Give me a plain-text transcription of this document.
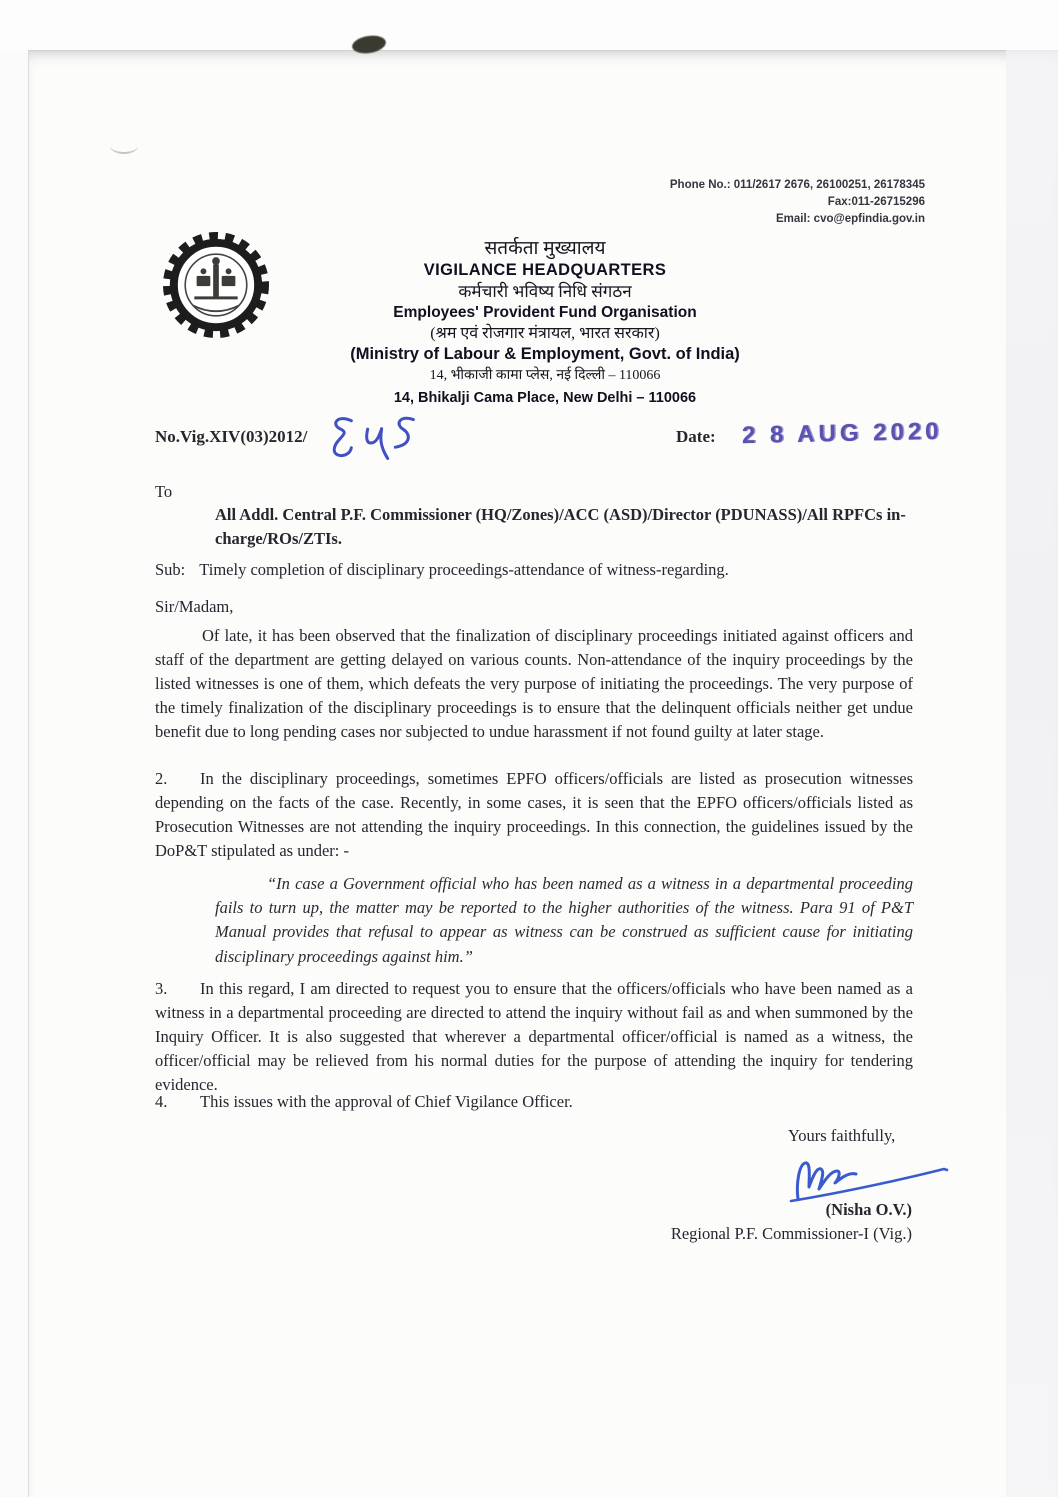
Phone No.: 011/2617 2676, 26100251, 26178345
Fax:011-26715296
Email: cvo@epfindia.gov.in
सतर्कता मुख्यालय
VIGILANCE HEADQUARTERS
कर्मचारी भविष्य निधि संगठन
Employees' Provident Fund Organisation
(श्रम एवं रोजगार मंत्रायल, भारत सरकार)
(Ministry of Labour & Employment, Govt. of India)
14, भीकाजी कामा प्लेस, नई दिल्ली – 110066
14, Bhikalji Cama Place, New Delhi – 110066
No.Vig.XIV(03)2012/	Date: 2 8 AUG 2020
To
All Addl. Central P.F. Commissioner (HQ/Zones)/ACC (ASD)/Director (PDUNASS)/All RPFCs in-charge/ROs/ZTIs.
Sub: Timely completion of disciplinary proceedings-attendance of witness-regarding.
Sir/Madam,

Of late, it has been observed that the finalization of disciplinary proceedings initiated against officers and staff of the department are getting delayed on various counts. Non-attendance of the inquiry proceedings by the listed witnesses is one of them, which defeats the very purpose of initiating the proceedings. The very purpose of the timely finalization of the disciplinary proceedings is to ensure that the delinquent officials neither get undue benefit due to long pending cases nor subjected to undue harassment if not found guilty at later stage.

2. In the disciplinary proceedings, sometimes EPFO officers/officials are listed as prosecution witnesses depending on the facts of the case. Recently, in some cases, it is seen that the EPFO officers/officials listed as Prosecution Witnesses are not attending the inquiry proceedings. In this connection, the guidelines issued by the DoP&T stipulated as under: -

“In case a Government official who has been named as a witness in a departmental proceeding fails to turn up, the matter may be reported to the higher authorities of the witness. Para 91 of P&T Manual provides that refusal to appear as witness can be construed as sufficient cause for initiating disciplinary proceedings against him.”

3. In this regard, I am directed to request you to ensure that the officers/officials who have been named as a witness in a departmental proceeding are directed to attend the inquiry without fail as and when summoned by the Inquiry Officer. It is also suggested that wherever a departmental officer/official is named as a witness, the officer/official may be relieved from his normal duties for the purpose of attending the inquiry for tendering evidence.

4. This issues with the approval of Chief Vigilance Officer.

Yours faithfully,
(Nisha O.V.)
Regional P.F. Commissioner-I (Vig.)
